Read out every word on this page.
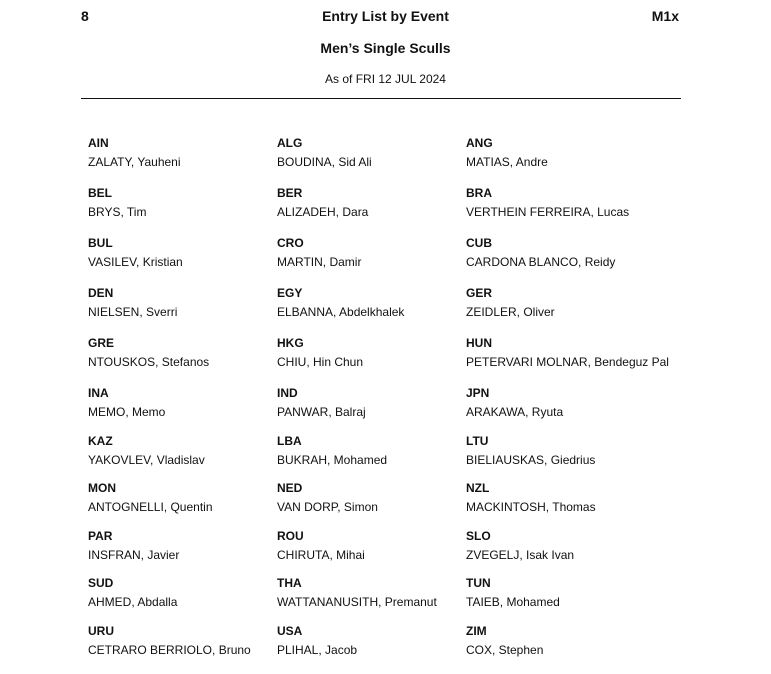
8	Entry List by Event	M1x
Men’s Single Sculls
As of FRI 12 JUL 2024
AIN
ZALATY, Yauheni
ALG
BOUDINA, Sid Ali
ANG
MATIAS, Andre
BEL
BRYS, Tim
BER
ALIZADEH, Dara
BRA
VERTHEIN FERREIRA, Lucas
BUL
VASILEV, Kristian
CRO
MARTIN, Damir
CUB
CARDONA BLANCO, Reidy
DEN
NIELSEN, Sverri
EGY
ELBANNA, Abdelkhalek
GER
ZEIDLER, Oliver
GRE
NTOUSKOS, Stefanos
HKG
CHIU, Hin Chun
HUN
PETERVARI MOLNAR, Bendeguz Pal
INA
MEMO, Memo
IND
PANWAR, Balraj
JPN
ARAKAWA, Ryuta
KAZ
YAKOVLEV, Vladislav
LBA
BUKRAH, Mohamed
LTU
BIELIAUSKAS, Giedrius
MON
ANTOGNELLI, Quentin
NED
VAN DORP, Simon
NZL
MACKINTOSH, Thomas
PAR
INSFRAN, Javier
ROU
CHIRUTA, Mihai
SLO
ZVEGELJ, Isak Ivan
SUD
AHMED, Abdalla
THA
WATTANANUSITH, Premanut
TUN
TAIEB, Mohamed
URU
CETRARO BERRIOLO, Bruno
USA
PLIHAL, Jacob
ZIM
COX, Stephen
